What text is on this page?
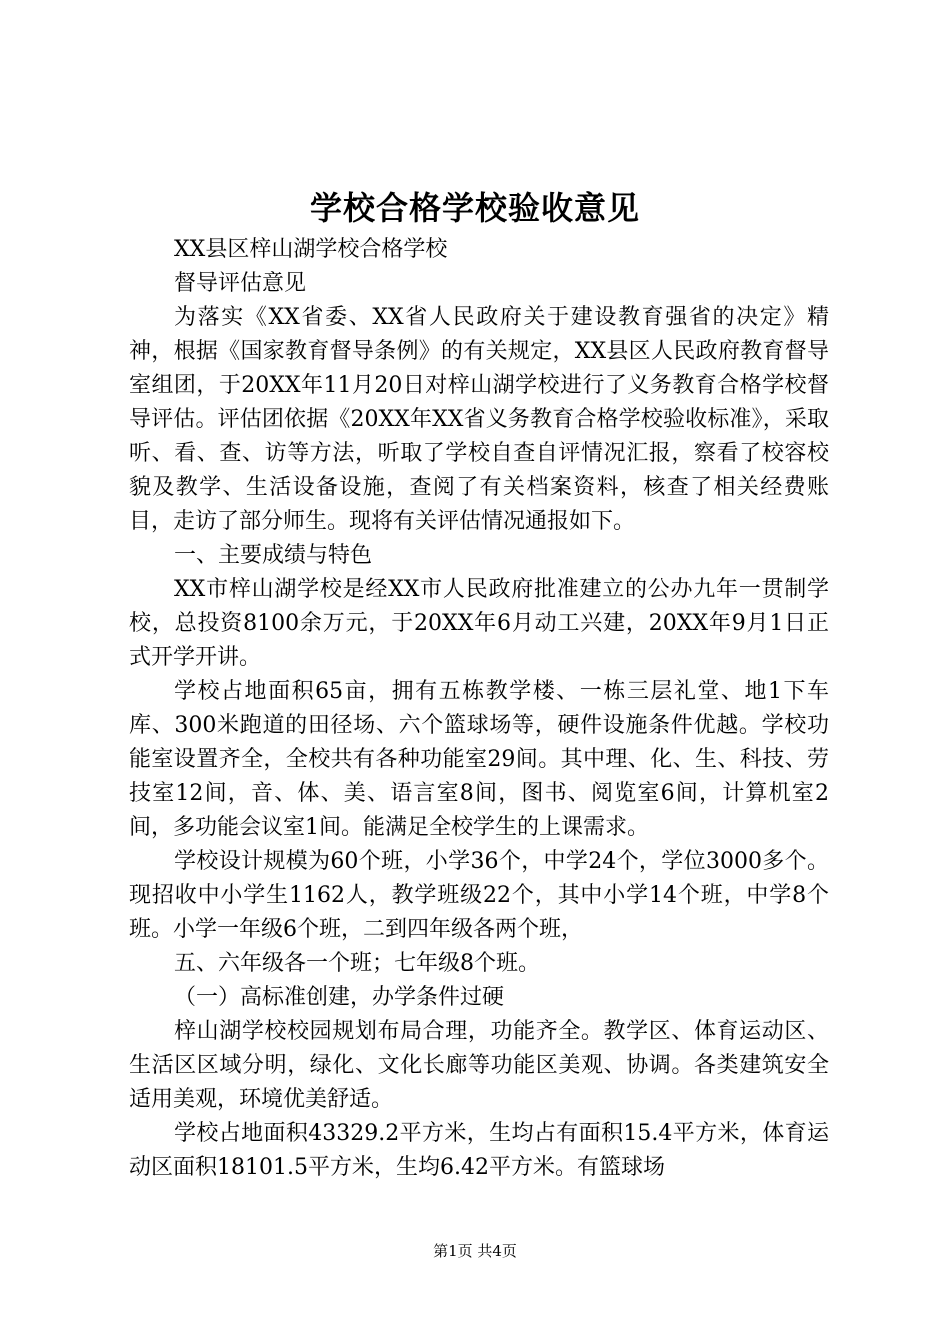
学校合格学校验收意见

XX县区梓山湖学校合格学校

督导评估意见

为落实《XX省委、XX省人民政府关于建设教育强省的决定》精神，根据《国家教育督导条例》的有关规定，XX县区人民政府教育督导室组团，于20XX年11月20日对梓山湖学校进行了义务教育合格学校督导评估。评估团依据《20XX年XX省义务教育合格学校验收标准》，采取听、看、查、访等方法，听取了学校自查自评情况汇报，察看了校容校貌及教学、生活设备设施，查阅了有关档案资料，核查了相关经费账目，走访了部分师生。现将有关评估情况通报如下。

一、主要成绩与特色

XX市梓山湖学校是经XX市人民政府批准建立的公办九年一贯制学校，总投资8100余万元，于20XX年6月动工兴建，20XX年9月1日正式开学开讲。

学校占地面积65亩，拥有五栋教学楼、一栋三层礼堂、地1下车库、300米跑道的田径场、六个篮球场等，硬件设施条件优越。学校功能室设置齐全，全校共有各种功能室29间。其中理、化、生、科技、劳技室12间，音、体、美、语言室8间，图书、阅览室6间，计算机室2间，多功能会议室1间。能满足全校学生的上课需求。

学校设计规模为60个班，小学36个，中学24个，学位3000多个。现招收中小学生1162人，教学班级22个，其中小学14个班，中学8个班。小学一年级6个班，二到四年级各两个班，

五、六年级各一个班；七年级8个班。

（一）高标准创建，办学条件过硬

梓山湖学校校园规划布局合理，功能齐全。教学区、体育运动区、生活区区域分明，绿化、文化长廊等功能区美观、协调。各类建筑安全适用美观，环境优美舒适。

学校占地面积43329.2平方米，生均占有面积15.4平方米，体育运动区面积18101.5平方米，生均6.42平方米。有篮球场

第1页 共4页
